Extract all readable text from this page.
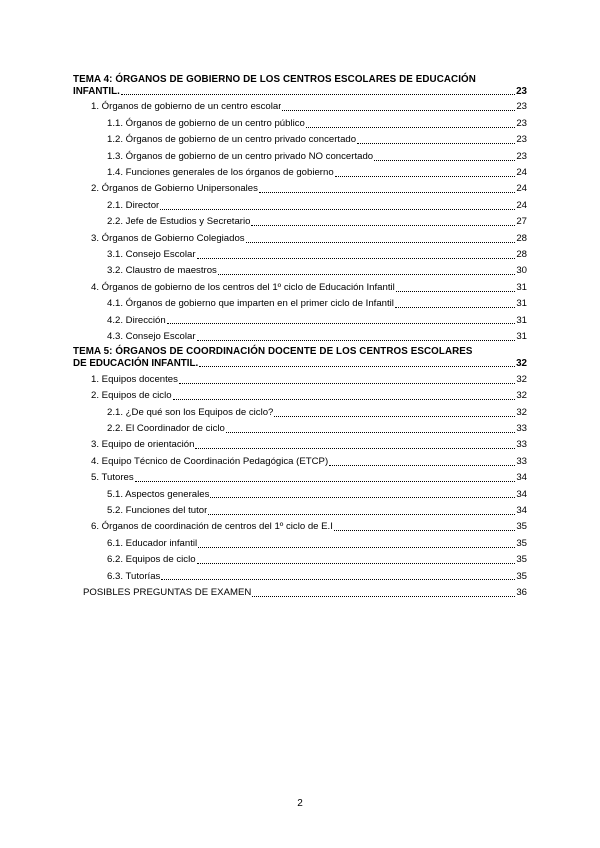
TEMA 4: ÓRGANOS DE GOBIERNO DE LOS CENTROS ESCOLARES DE EDUCACIÓN
INFANTIL.	23
1. Órganos de gobierno de un centro escolar	23
1.1. Órganos de gobierno de un centro público	23
1.2. Órganos de gobierno de un centro privado concertado	23
1.3. Órganos de gobierno de un centro privado NO concertado	23
1.4. Funciones generales de los órganos de gobierno	24
2. Órganos de Gobierno Unipersonales	24
2.1. Director	24
2.2. Jefe de Estudios y Secretario	27
3. Órganos de Gobierno Colegiados	28
3.1. Consejo Escolar	28
3.2. Claustro de maestros	30
4. Órganos de gobierno de los centros del 1º ciclo de Educación Infantil	31
4.1. Órganos de gobierno que imparten en el primer ciclo de Infantil	31
4.2. Dirección	31
4.3. Consejo Escolar	31
TEMA 5: ÓRGANOS DE COORDINACIÓN DOCENTE DE LOS CENTROS ESCOLARES
DE EDUCACIÓN INFANTIL.	32
1. Equipos docentes	32
2. Equipos de ciclo	32
2.1. ¿De qué son los Equipos de ciclo?	32
2.2. El Coordinador de ciclo	33
3. Equipo de orientación	33
4. Equipo Técnico de Coordinación Pedagógica (ETCP)	33
5. Tutores	34
5.1. Aspectos generales	34
5.2. Funciones del tutor	34
6. Órganos de coordinación de centros del 1º ciclo de E.I	35
6.1. Educador infantil	35
6.2. Equipos de ciclo	35
6.3. Tutorías	35
POSIBLES PREGUNTAS DE EXAMEN	36
2
